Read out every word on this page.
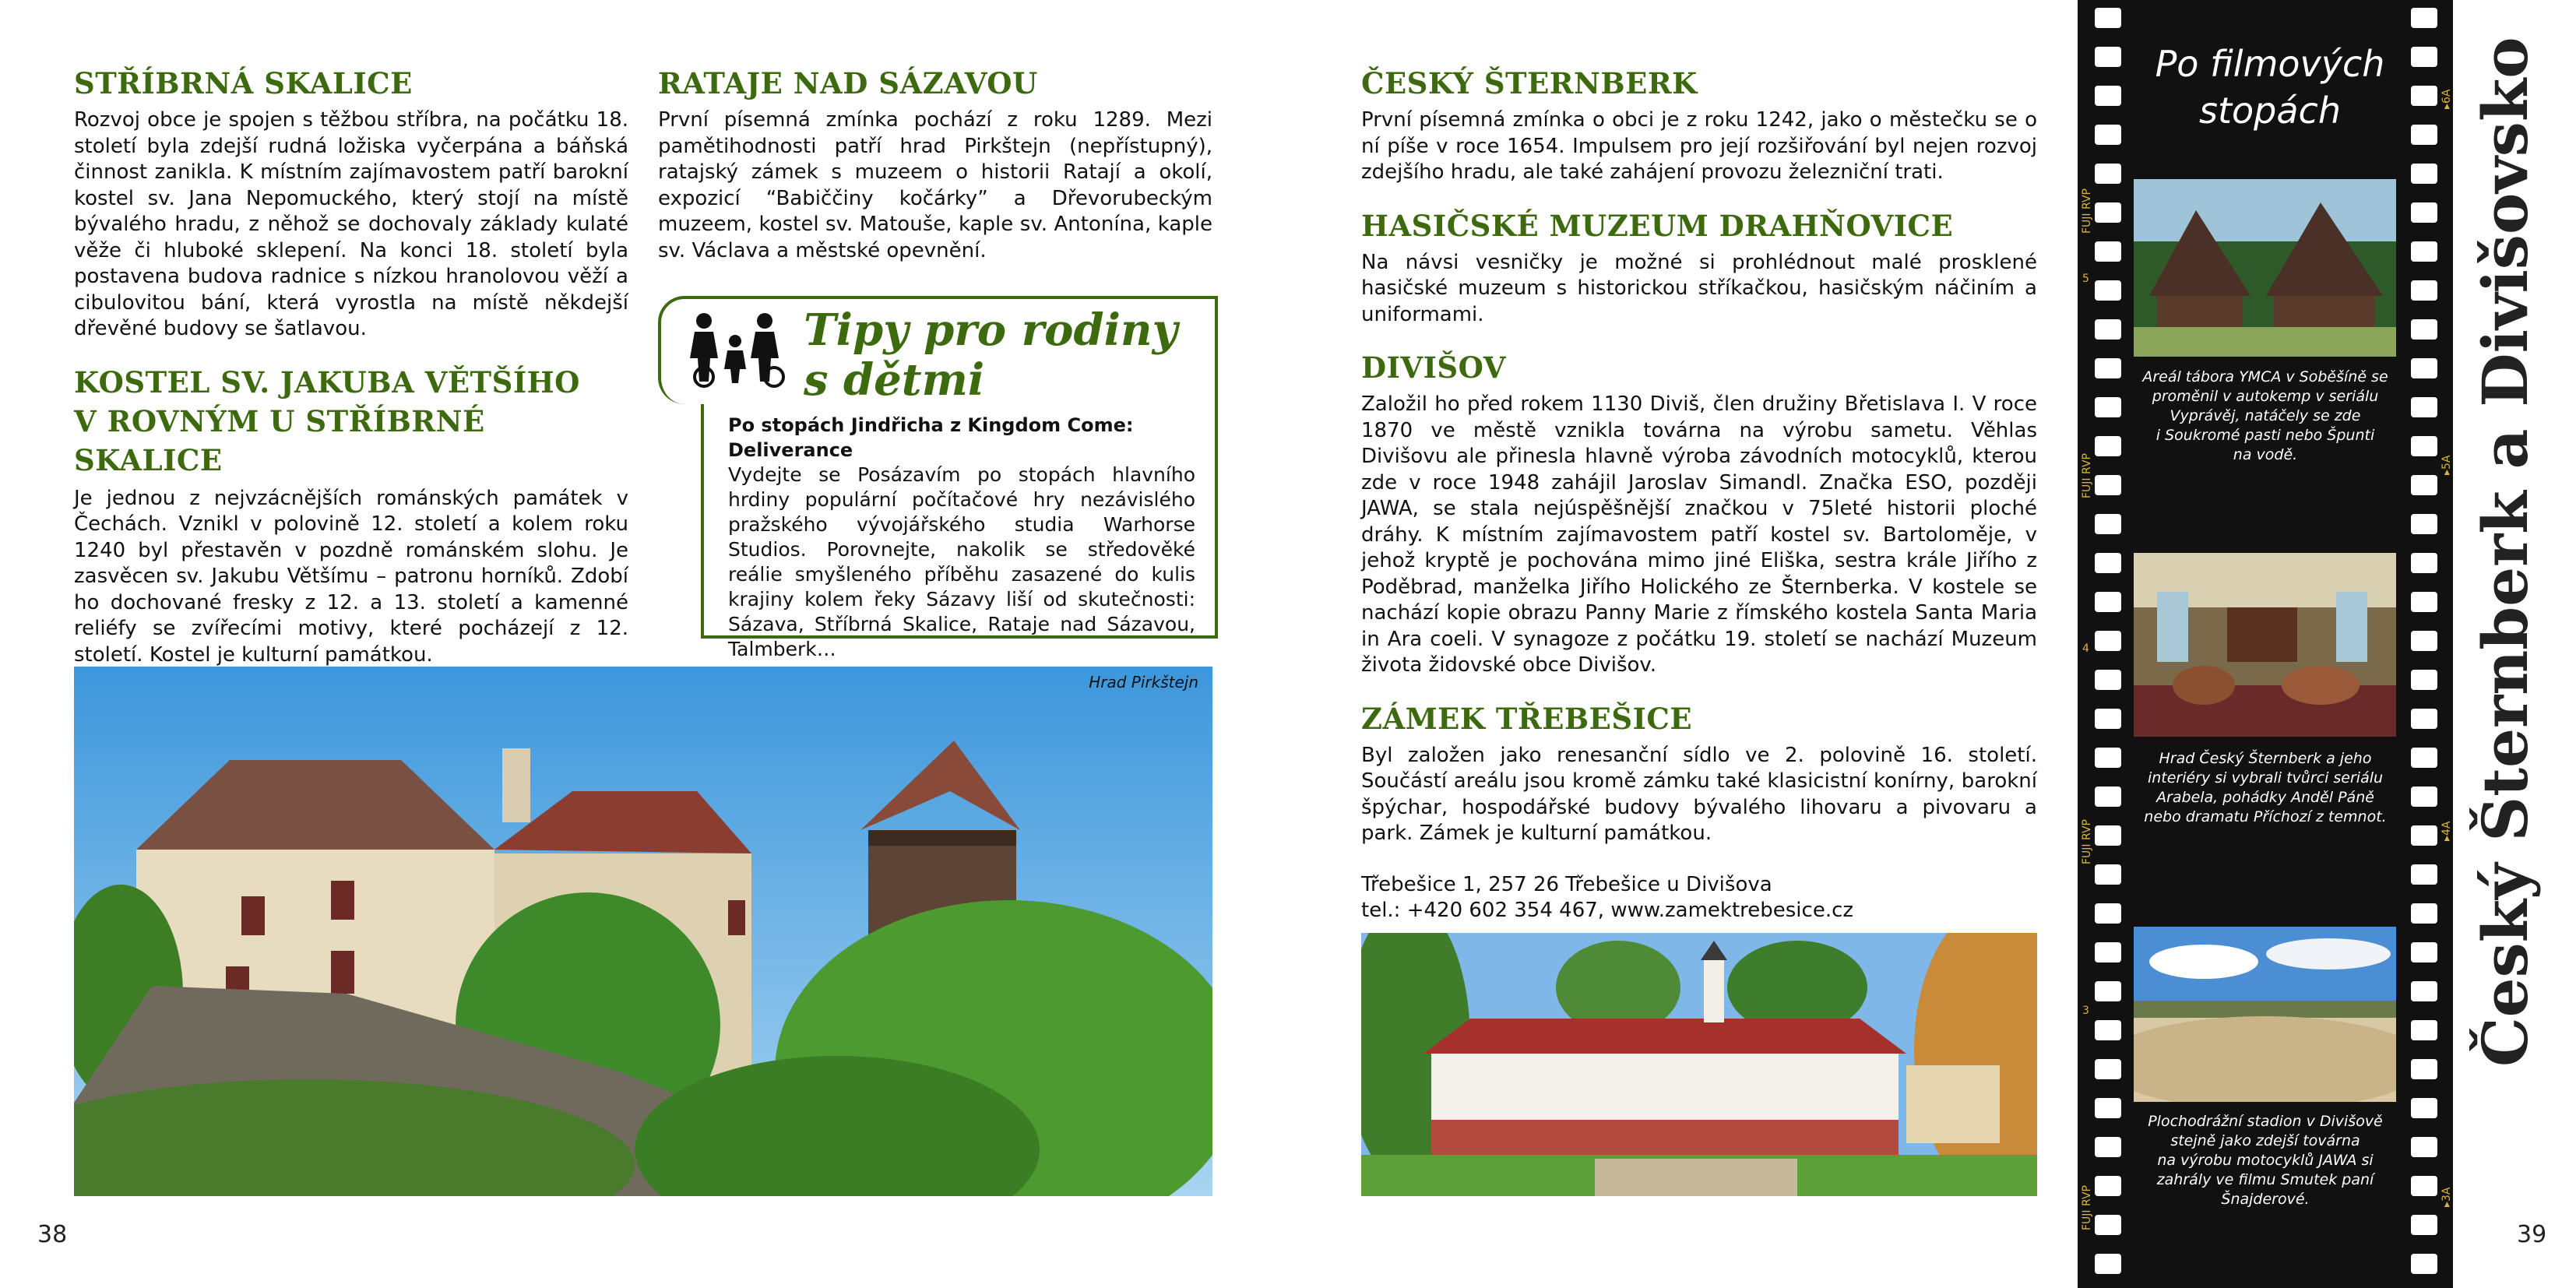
STŘÍBRNÁ SKALICE

Rozvoj obce je spojen s těžbou stříbra, na počátku 18. století byla zdejší rudná ložiska vyčerpána a báňská činnost zanikla. K místním zajímavostem patří barokní kostel sv. Jana Nepomuckého, který stojí na místě bývalého hradu, z něhož se dochovaly základy kulaté věže či hluboké sklepení. Na konci 18. století byla postavena budova radnice s nízkou hranolovou věží a cibulovitou bání, která vyrostla na místě někdejší dřevěné budovy se šatlavou.

KOSTEL SV. JAKUBA VĚTŠÍHO
V ROVNÝM U STŘÍBRNÉ SKALICE

Je jednou z nejvzácnějších románských památek v Čechách. Vznikl v polovině 12. století a kolem roku 1240 byl přestavěn v pozdně románském slohu. Je zasvěcen sv. Jakubu Většímu – patronu horníků. Zdobí ho dochované fresky z 12. a 13. století a kamenné reliéfy se zvířecími motivy, které pocházejí z 12. století. Kostel je kulturní památkou.

RATAJE NAD SÁZAVOU

První písemná zmínka pochází z roku 1289. Mezi pamětihodnosti patří hrad Pirkštejn (nepřístupný), ratajský zámek s muzeem o historii Ratají a okolí, expozicí “Babiččiny kočárky” a Dřevorubeckým muzeem, kostel sv. Matouše, kaple sv. Antonína, kaple sv. Václava a městské opevnění.

Tipy pro rodiny
s dětmi
Po stopách Jindřicha z Kingdom Come: Deliverance

Vydejte se Posázavím po stopách hlavního hrdiny populární počítačové hry nezávislého pražského vývojářského studia Warhorse Studios. Porovnejte, nakolik se středověké reálie smyšleného příběhu zasazené do kulis krajiny kolem řeky Sázavy liší od skutečnosti: Sázava, Stříbrná Skalice, Rataje nad Sázavou, Talmberk…

Hrad Pirkštejn
38
ČESKÝ ŠTERNBERK

První písemná zmínka o obci je z roku 1242, jako o městečku se o ní píše v roce 1654. Impulsem pro její rozšiřování byl nejen rozvoj zdejšího hradu, ale také zahájení provozu železniční trati.

HASIČSKÉ MUZEUM DRAHŇOVICE

Na návsi vesničky je možné si prohlédnout malé prosklené hasičské muzeum s historickou stříkačkou, hasičským náčiním a uniformami.

DIVIŠOV

Založil ho před rokem 1130 Diviš, člen družiny Břetislava I. V roce 1870 ve městě vznikla továrna na výrobu sametu. Věhlas Divišovu ale přinesla hlavně výroba závodních motocyklů, kterou zde v roce 1948 zahájil Jaroslav Simandl. Značka ESO, později JAWA, se stala nejúspěšnější značkou v 75leté historii ploché dráhy. K místním zajímavostem patří kostel sv. Bartoloměje, v jehož kryptě je pochována mimo jiné Eliška, sestra krále Jiřího z Poděbrad, manželka Jiřího Holického ze Šternberka. V kostele se nachází kopie obrazu Panny Marie z římského kostela Santa Maria in Ara coeli. V synagoze z počátku 19. století se nachází Muzeum života židovské obce Divišov.

ZÁMEK TŘEBEŠICE

Byl založen jako renesanční sídlo ve 2. polovině 16. století. Součástí areálu jsou kromě zámku také klasicistní konírny, barokní špýchar, hospodářské budovy bývalého lihovaru a pivovaru a park. Zámek je kulturní památkou.

Třebešice 1, 257 26 Třebešice u Divišova
tel.: +420 602 354 467, www.zamektrebesice.cz
39
Po filmových
stopách

Areál tábora YMCA v Soběšíně se

proměnil v autokemp v seriálu

Vyprávěj, natáčely se zde

i Soukromé pasti nebo Špunti

na vodě.

Hrad Český Šternberk a jeho

interiéry si vybrali tvůrci seriálu

Arabela, pohádky Anděl Páně

nebo dramatu Příchozí z temnot.

Plochodrážní stadion v Divišově

stejně jako zdejší továrna

na výrobu motocyklů JAWA si

zahrály ve filmu Smutek paní

Šnajderové.

FUJI RVP
5
FUJI RVP
4
FUJI RVP
3
FUJI RVP
▸6A
▸5A
▸4A
▸3A
Český Šternberk a Divišovsko
